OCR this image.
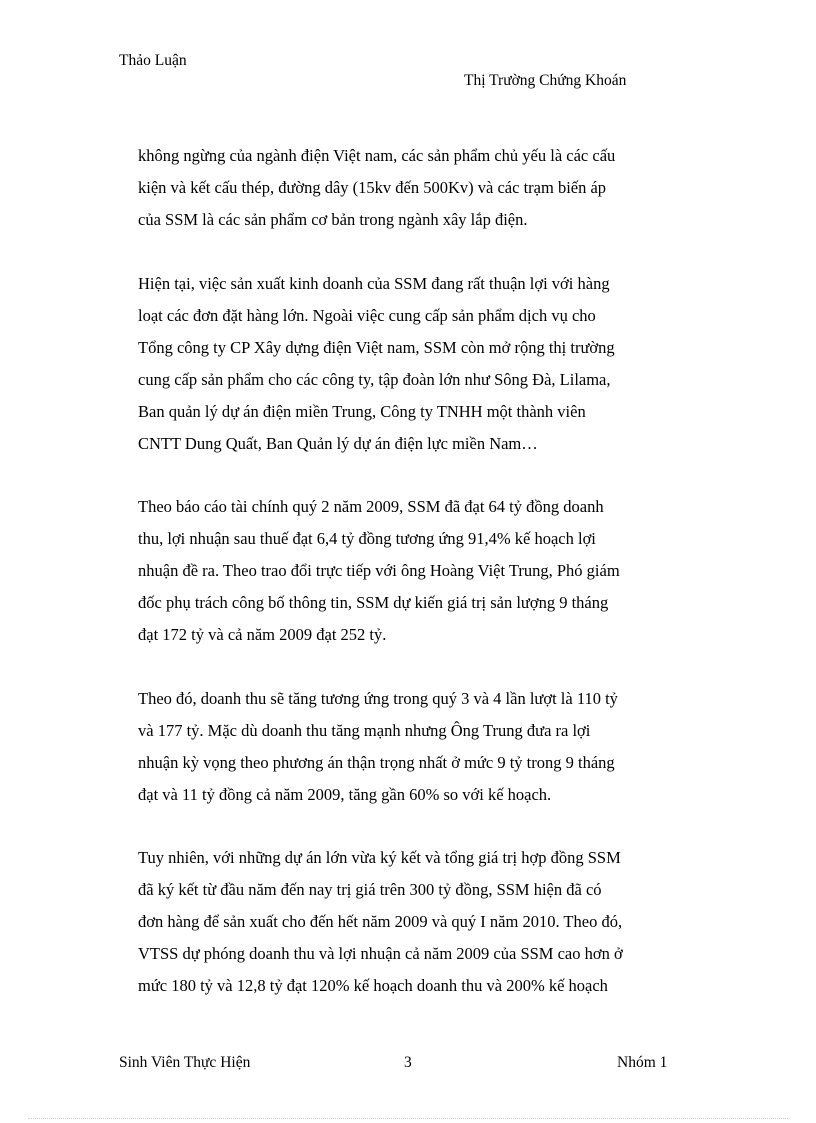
Thảo Luận
Thị Trường Chứng Khoán
không ngừng của ngành điện Việt nam, các sản phẩm chủ yếu là các cấu
kiện và kết cấu thép, đường dây (15kv đến 500Kv) và các trạm biến áp
của SSM là các sản phẩm cơ bản trong ngành xây lắp điện.
Hiện tại, việc sản xuất kinh doanh của SSM đang rất thuận lợi với hàng
loạt các đơn đặt hàng lớn. Ngoài việc cung cấp sản phẩm dịch vụ cho
Tổng công ty CP Xây dựng điện Việt nam, SSM còn mở rộng thị trường
cung cấp sản phẩm cho các công ty, tập đoàn lớn như Sông Đà, Lilama,
Ban quản lý dự án điện miền Trung, Công ty TNHH một thành viên
CNTT Dung Quất, Ban Quản lý dự án điện lực miền Nam…
Theo báo cáo tài chính quý 2 năm 2009, SSM đã đạt 64 tỷ đồng doanh
thu, lợi nhuận sau thuế đạt 6,4 tỷ đồng tương ứng 91,4% kế hoạch lợi
nhuận đề ra. Theo trao đổi trực tiếp với ông Hoàng Việt Trung, Phó giám
đốc phụ trách công bố thông tin, SSM dự kiến giá trị sản lượng 9 tháng
đạt 172 tỷ và cả năm 2009 đạt 252 tỷ.
Theo đó, doanh thu sẽ tăng tương ứng trong quý 3 và 4 lần lượt là 110 tỷ
và 177 tỷ. Mặc dù doanh thu tăng mạnh nhưng Ông Trung đưa ra lợi
nhuận kỳ vọng theo phương án thận trọng nhất ở mức 9 tỷ trong 9 tháng
đạt và 11 tỷ đồng cả năm 2009, tăng gần 60% so với kế hoạch.
Tuy nhiên, với những dự án lớn vừa ký kết và tổng giá trị hợp đồng SSM
đã ký kết từ đầu năm đến nay trị giá trên 300 tỷ đồng, SSM hiện đã có
đơn hàng để sản xuất cho đến hết năm 2009 và quý I năm 2010. Theo đó,
VTSS dự phóng doanh thu và lợi nhuận cả năm 2009 của SSM cao hơn ở
mức 180 tỷ và 12,8 tỷ đạt 120% kế hoạch doanh thu và 200% kế hoạch
Sinh Viên Thực Hiện	3	Nhóm 1
